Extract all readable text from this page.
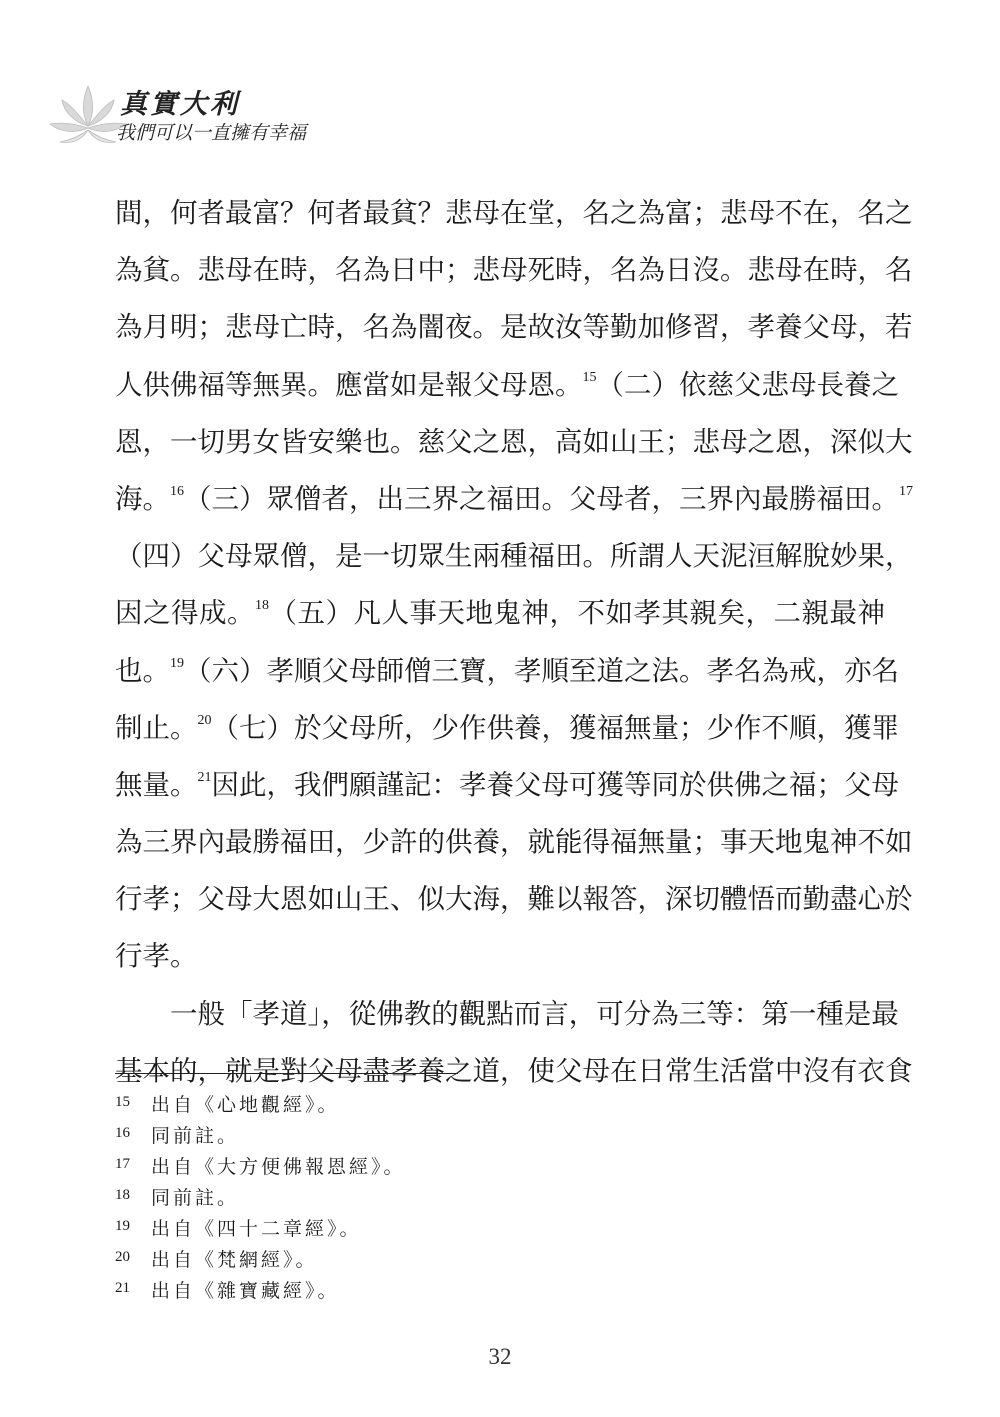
真實大利
我們可以一直擁有幸福
間，何者最富？何者最貧？悲母在堂，名之為富；悲母不在，名之
為貧。悲母在時，名為日中；悲母死時，名為日沒。悲母在時，名
為月明；悲母亡時，名為闇夜。是故汝等勤加修習，孝養父母，若
人供佛福等無異。應當如是報父母恩。$^{15}$（二）依慈父悲母長養之
恩，一切男女皆安樂也。慈父之恩，高如山王；悲母之恩，深似大
海。$^{16}$（三）眾僧者，出三界之福田。父母者，三界內最勝福田。$^{17}$
（四）父母眾僧，是一切眾生兩種福田。所謂人天泥洹解脫妙果，
因之得成。$^{18}$（五）凡人事天地鬼神，不如孝其親矣，二親最神
也。$^{19}$（六）孝順父母師僧三寶，孝順至道之法。孝名為戒，亦名
制止。$^{20}$（七）於父母所，少作供養，獲福無量；少作不順，獲罪
無量。$^{21}$因此，我們願謹記：孝養父母可獲等同於供佛之福；父母
為三界內最勝福田，少許的供養，就能得福無量；事天地鬼神不如
行孝；父母大恩如山王、似大海，難以報答，深切體悟而勤盡心於
行孝。
一般「孝道」，從佛教的觀點而言，可分為三等：第一種是最
基本的，就是對父母盡孝養之道，使父母在日常生活當中沒有衣食
15 出自《心地觀經》。
16 同前註。
17 出自《大方便佛報恩經》。
18 同前註。
19 出自《四十二章經》。
20 出自《梵網經》。
21 出自《雜寶藏經》。
32
